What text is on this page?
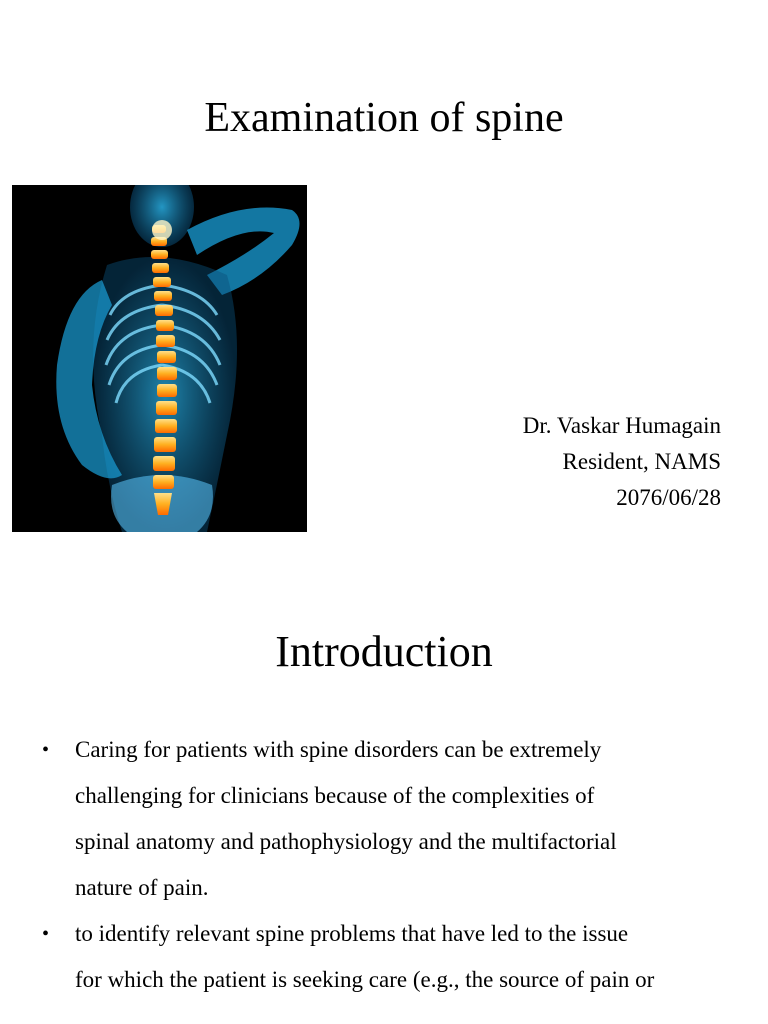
Examination of spine
Dr. Vaskar Humagain
Resident, NAMS
2076/06/28
Introduction
• Caring for patients with spine disorders can be extremely
challenging for clinicians because of the complexities of
spinal anatomy and pathophysiology and the multifactorial
nature of pain.
• to identify relevant spine problems that have led to the issue
for which the patient is seeking care (e.g., the source of pain or
